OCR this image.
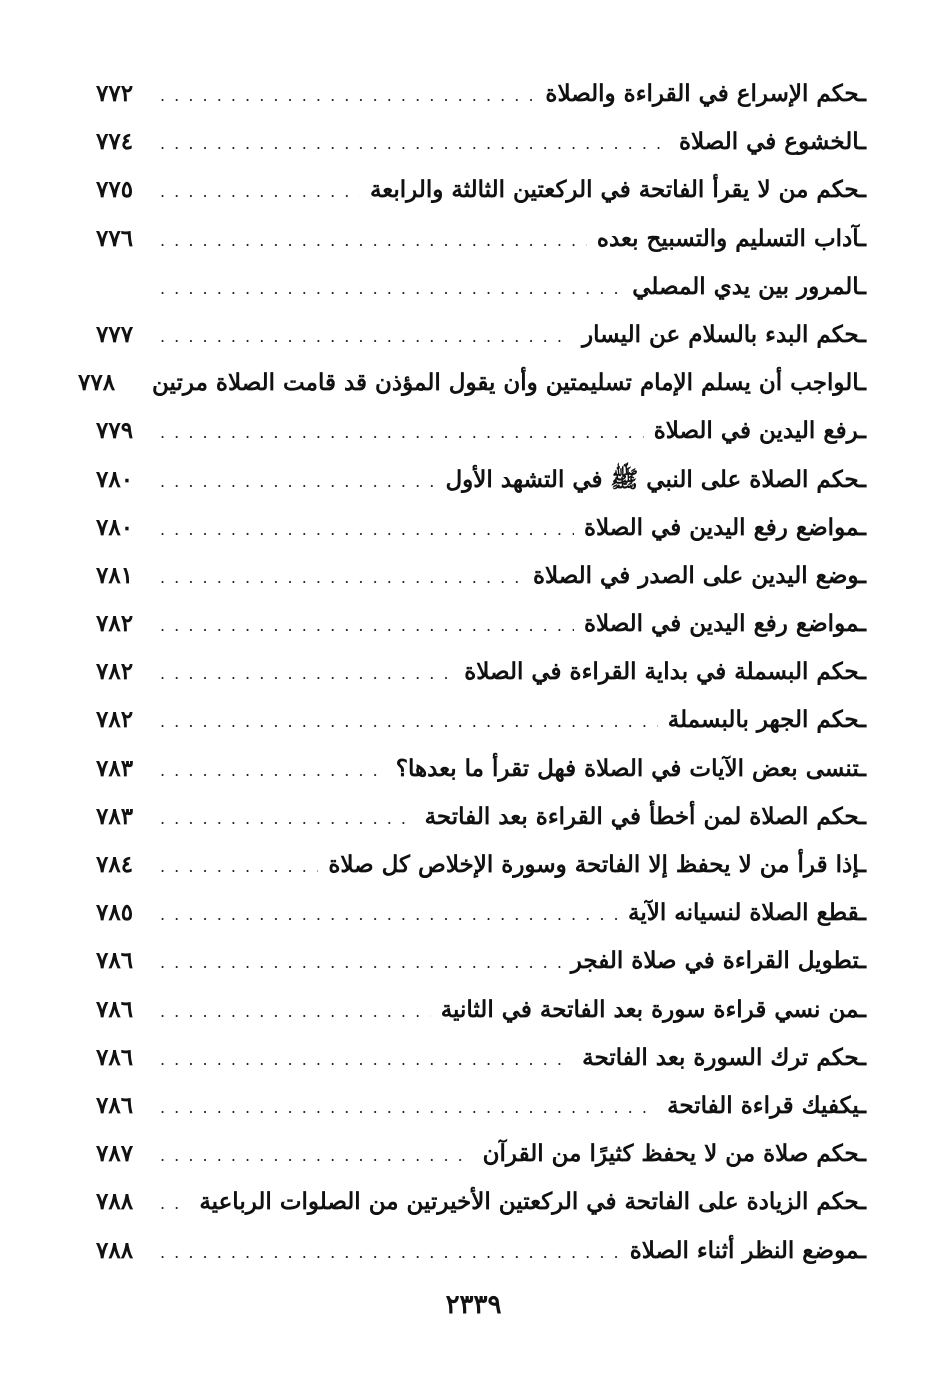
ـحكم الإسراع في القراءة والصلاة
. . .
٧٧٢
ـالخشوع في الصلاة
. . .
٧٧٤
ـحكم من لا يقرأ الفاتحة في الركعتين الثالثة والرابعة
. . .
٧٧٥
ـآداب التسليم والتسبيح بعده
. . .
٧٧٦
ـالمرور بين يدي المصلي
. . .
ـحكم البدء بالسلام عن اليسار
. . .
٧٧٧
ـالواجب أن يسلم الإمام تسليمتين وأن يقول المؤذن قد قامت الصلاة مرتين
٧٧٨
ـرفع اليدين في الصلاة
. . .
٧٧٩
ـحكم الصلاة على النبي ﷺ في التشهد الأول
. . .
٧٨٠
ـمواضع رفع اليدين في الصلاة
. . .
٧٨٠
ـوضع اليدين على الصدر في الصلاة
. . .
٧٨١
ـمواضع رفع اليدين في الصلاة
. . .
٧٨٢
ـحكم البسملة في بداية القراءة في الصلاة
. . .
٧٨٢
ـحكم الجهر بالبسملة
. . .
٧٨٢
ـتنسى بعض الآيات في الصلاة فهل تقرأ ما بعدها؟
. . .
٧٨٣
ـحكم الصلاة لمن أخطأ في القراءة بعد الفاتحة
. . .
٧٨٣
ـإذا قرأ من لا يحفظ إلا الفاتحة وسورة الإخلاص كل صلاة
. . .
٧٨٤
ـقطع الصلاة لنسيانه الآية
. . .
٧٨٥
ـتطويل القراءة في صلاة الفجر
. . .
٧٨٦
ـمن نسي قراءة سورة بعد الفاتحة في الثانية
. . .
٧٨٦
ـحكم ترك السورة بعد الفاتحة
. . .
٧٨٦
ـيكفيك قراءة الفاتحة
. . .
٧٨٦
ـحكم صلاة من لا يحفظ كثيرًا من القرآن
. . .
٧٨٧
ـحكم الزيادة على الفاتحة في الركعتين الأخيرتين من الصلوات الرباعية
. . .
٧٨٨
ـموضع النظر أثناء الصلاة
. . .
٧٨٨
٢٣٣٩
